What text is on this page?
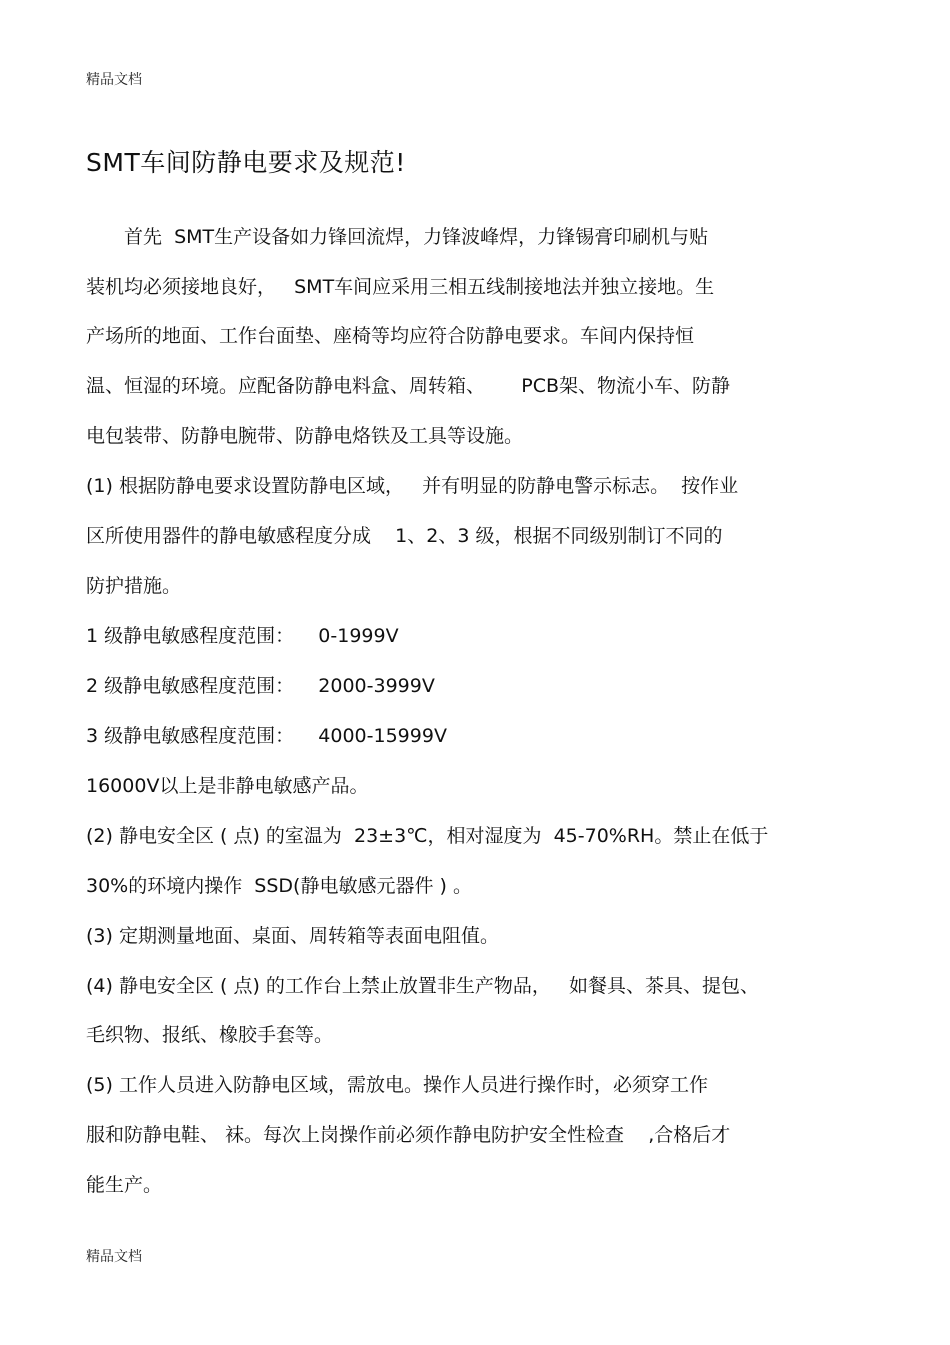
精品文档
SMT车间防静电要求及规范!
首先  SMT生产设备如力锋回流焊，力锋波峰焊，力锋锡膏印刷机与贴
装机均必须接地良好，   SMT车间应采用三相五线制接地法并独立接地。生
产场所的地面、工作台面垫、座椅等均应符合防静电要求。车间内保持恒
温、恒湿的环境。应配备防静电料盒、周转箱、      PCB架、物流小车、防静
电包装带、防静电腕带、防静电烙铁及工具等设施。
(1) 根据防静电要求设置防静电区域，   并有明显的防静电警示标志。  按作业
区所使用器件的静电敏感程度分成    1、2、3 级，根据不同级别制订不同的
防护措施。
1 级静电敏感程度范围：    0-1999V
2 级静电敏感程度范围：    2000-3999V
3 级静电敏感程度范围：    4000-15999V
16000V以上是非静电敏感产品。
(2) 静电安全区 ( 点) 的室温为  23±3℃，相对湿度为  45-70%RH。禁止在低于
30%的环境内操作  SSD(静电敏感元器件 ) 。
(3) 定期测量地面、桌面、周转箱等表面电阻值。
(4) 静电安全区 ( 点) 的工作台上禁止放置非生产物品，   如餐具、茶具、提包、
毛织物、报纸、橡胶手套等。
(5) 工作人员进入防静电区域，需放电。操作人员进行操作时，必须穿工作
服和防静电鞋、 袜。每次上岗操作前必须作静电防护安全性检查    ,合格后才
能生产。
精品文档
